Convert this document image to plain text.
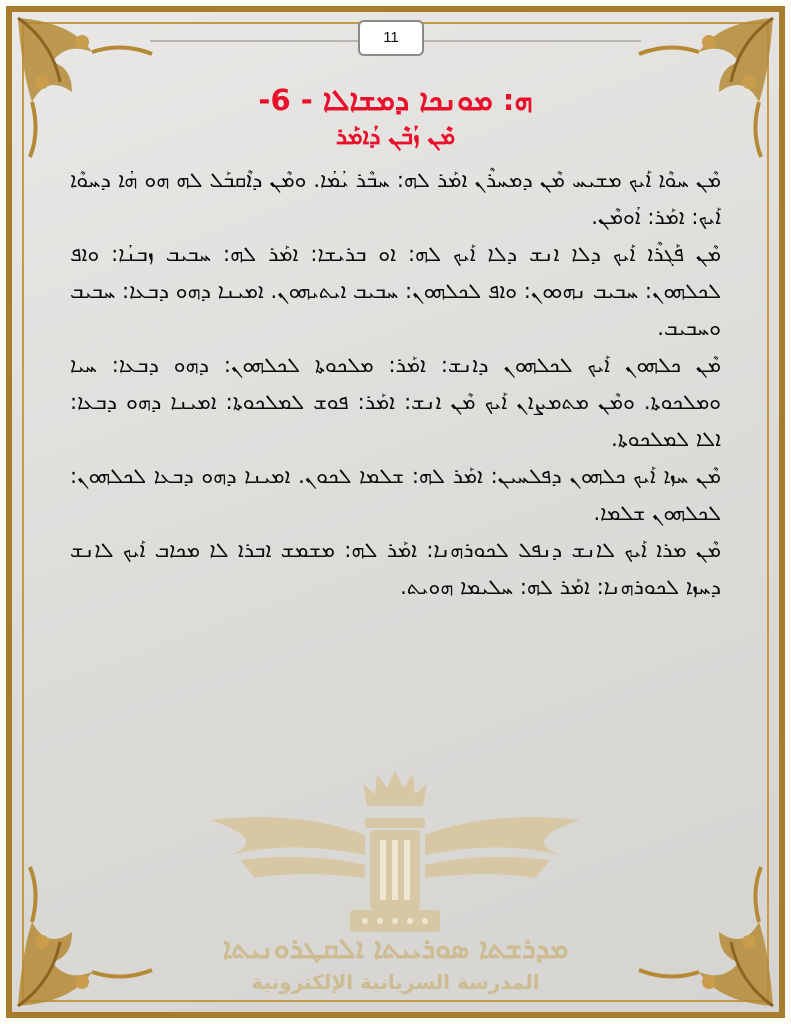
11
ܗ: ܡܘܢܟܐ ܕܡܫܐܠܐ - 6-
ܡܶܢ ܙܳܒܶܢ ܕܳܐܡܰܪ

ܡܶܢ ܚܘܶܐ ܐܰܝܟ ܡܫܝܚ ܡܶܢ ܕܡܚܪܶܢ ܐܡܰܪ ܠܗ: ܚܒܶܪ ܝܳܡܳܐ. ܘܡܶܢ ܕܐܶܩܒܰܠ ܠܗ ܗܘ ܗܳܐ ܕܚܘܶܐ ܐܰܝܟ: ܐܡܰܪ: ܐܳܘܡܶܢ.

ܡܶܢ ܦܰܓܪܶܐ ܐܰܝܟ ܕܠܐ ܐܢܫ ܕܠܐ ܐܰܝܟ ܠܗ: ܐܘ ܒܪܝܫܐ: ܐܡܰܪ ܠܗ: ܚܒܝܒ ܙܒܢܳܐ: ܘܐܦ ܠܟܠܗܘܢ: ܚܒܝܒ ܢܗܘܘܢ: ܘܐܦ ܠܟܠܗܘܢ: ܚܒܝܒ ܐܝܬܝܗܘܢ. ܐܡܝܢܐ ܕܗܘ ܕܒܥܐ: ܚܒܝܒ ܘܚܒܝܒ.

ܡܶܢ ܟܠܗܘܢ ܐܰܝܟ ܠܟܠܗܘܢ ܕܐܢܫ: ܐܡܰܪ: ܡܠܟܘܬܐ ܠܟܠܗܘܢ: ܕܗܘ ܕܒܥܐ: ܚܝܐ ܘܡܠܟܘܬܐ. ܘܡܶܢ ܡܬܡܨܐܢ ܐܰܝܟ ܡܶܢ ܐܢܫ: ܐܡܰܪ: ܦܘܫ ܠܡܠܟܘܬܐ: ܐܡܝܢܐ ܕܗܘ ܕܒܥܐ: ܐܠܐ ܠܡܠܟܘܬܐ.

ܡܶܢ ܚܙܐ ܐܰܝܟ ܟܠܗܘܢ ܕܦܠܚܝܢ: ܐܡܰܪ ܠܗ: ܫܠܡܐ ܠܟܘܢ. ܐܡܝܢܐ ܕܗܘ ܕܒܥܐ ܠܟܠܗܘܢ: ܠܟܠܗܘܢ ܫܠܡܐ.

ܡܶܢ ܡܪܐ ܐܰܝܟ ܠܐܢܫ ܕܢܦܠ ܠܟܘܪܗܢܐ: ܐܡܰܪ ܠܗ: ܡܫܡܫ ܐܒܪܐ ܠܐ ܡܟܐܒ ܐܰܝܟ ܠܐܢܫ ܕܚܙܐ ܠܟܘܪܗܢܐ: ܐܡܰܪ ܠܗ: ܚܠܝܡܐ ܗܘܝܬ.

ܡܕܪܫܬܐ ܣܘܪܝܝܬܐ ܐܠܩܛܪܘܢܝܬܐ
المدرسة السريانية الإلكترونية
